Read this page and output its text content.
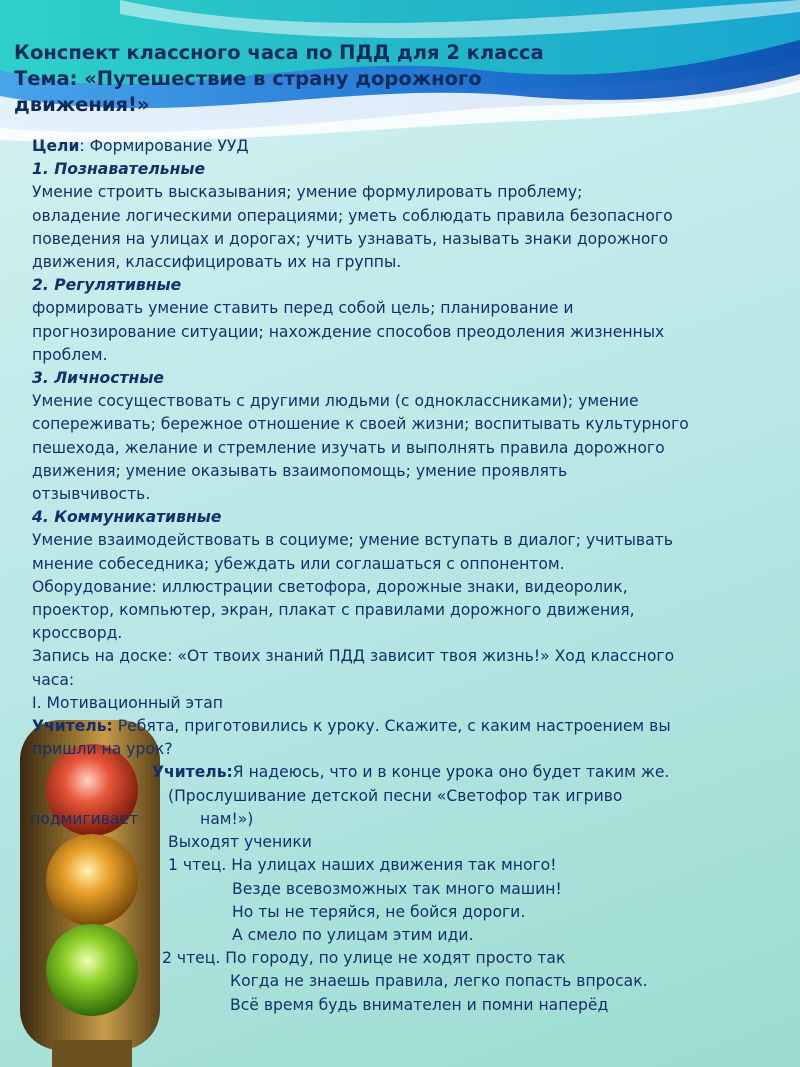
Конспект классного часа по ПДД для 2 класса
Тема: «Путешествие в страну дорожного
движения!»
Цели: Формирование УУД
1. Познавательные
Умение строить высказывания; умение формулировать проблему;
овладение логическими операциями; уметь соблюдать правила безопасного
поведения на улицах и дорогах; учить узнавать, называть знаки дорожного
движения, классифицировать их на группы.
2. Регулятивные
формировать умение ставить перед собой цель; планирование и
прогнозирование ситуации; нахождение способов преодоления жизненных
проблем.
3. Личностные
Умение сосуществовать с другими людьми (с одноклассниками); умение
сопереживать; бережное отношение к своей жизни; воспитывать культурного
пешехода, желание и стремление изучать и выполнять правила дорожного
движения; умение оказывать взаимопомощь; умение проявлять
отзывчивость.
4. Коммуникативные
Умение взаимодействовать в социуме; умение вступать в диалог; учитывать
мнение собеседника; убеждать или соглашаться с оппонентом.
Оборудование: иллюстрации светофора, дорожные знаки, видеоролик,
проектор, компьютер, экран, плакат с правилами дорожного движения,
кроссворд.
Запись на доске: «От твоих знаний ПДД зависит твоя жизнь!» Ход классного
часа:
I. Мотивационный этап
Учитель: Ребята, приготовились к уроку. Скажите, с каким настроением вы
пришли на урок?
Учитель:Я надеюсь, что и в конце урока оно будет таким же.
(Прослушивание детской песни «Светофор так игриво
подмигивает	нам!»)
Выходят ученики
1 чтец. На улицах наших движения так много!
Везде всевозможных так много машин!
Но ты не теряйся, не бойся дороги.
А смело по улицам этим иди.
2 чтец. По городу, по улице не ходят просто так
Когда не знаешь правила, легко попасть впросак.
Всё время будь внимателен и помни наперёд
